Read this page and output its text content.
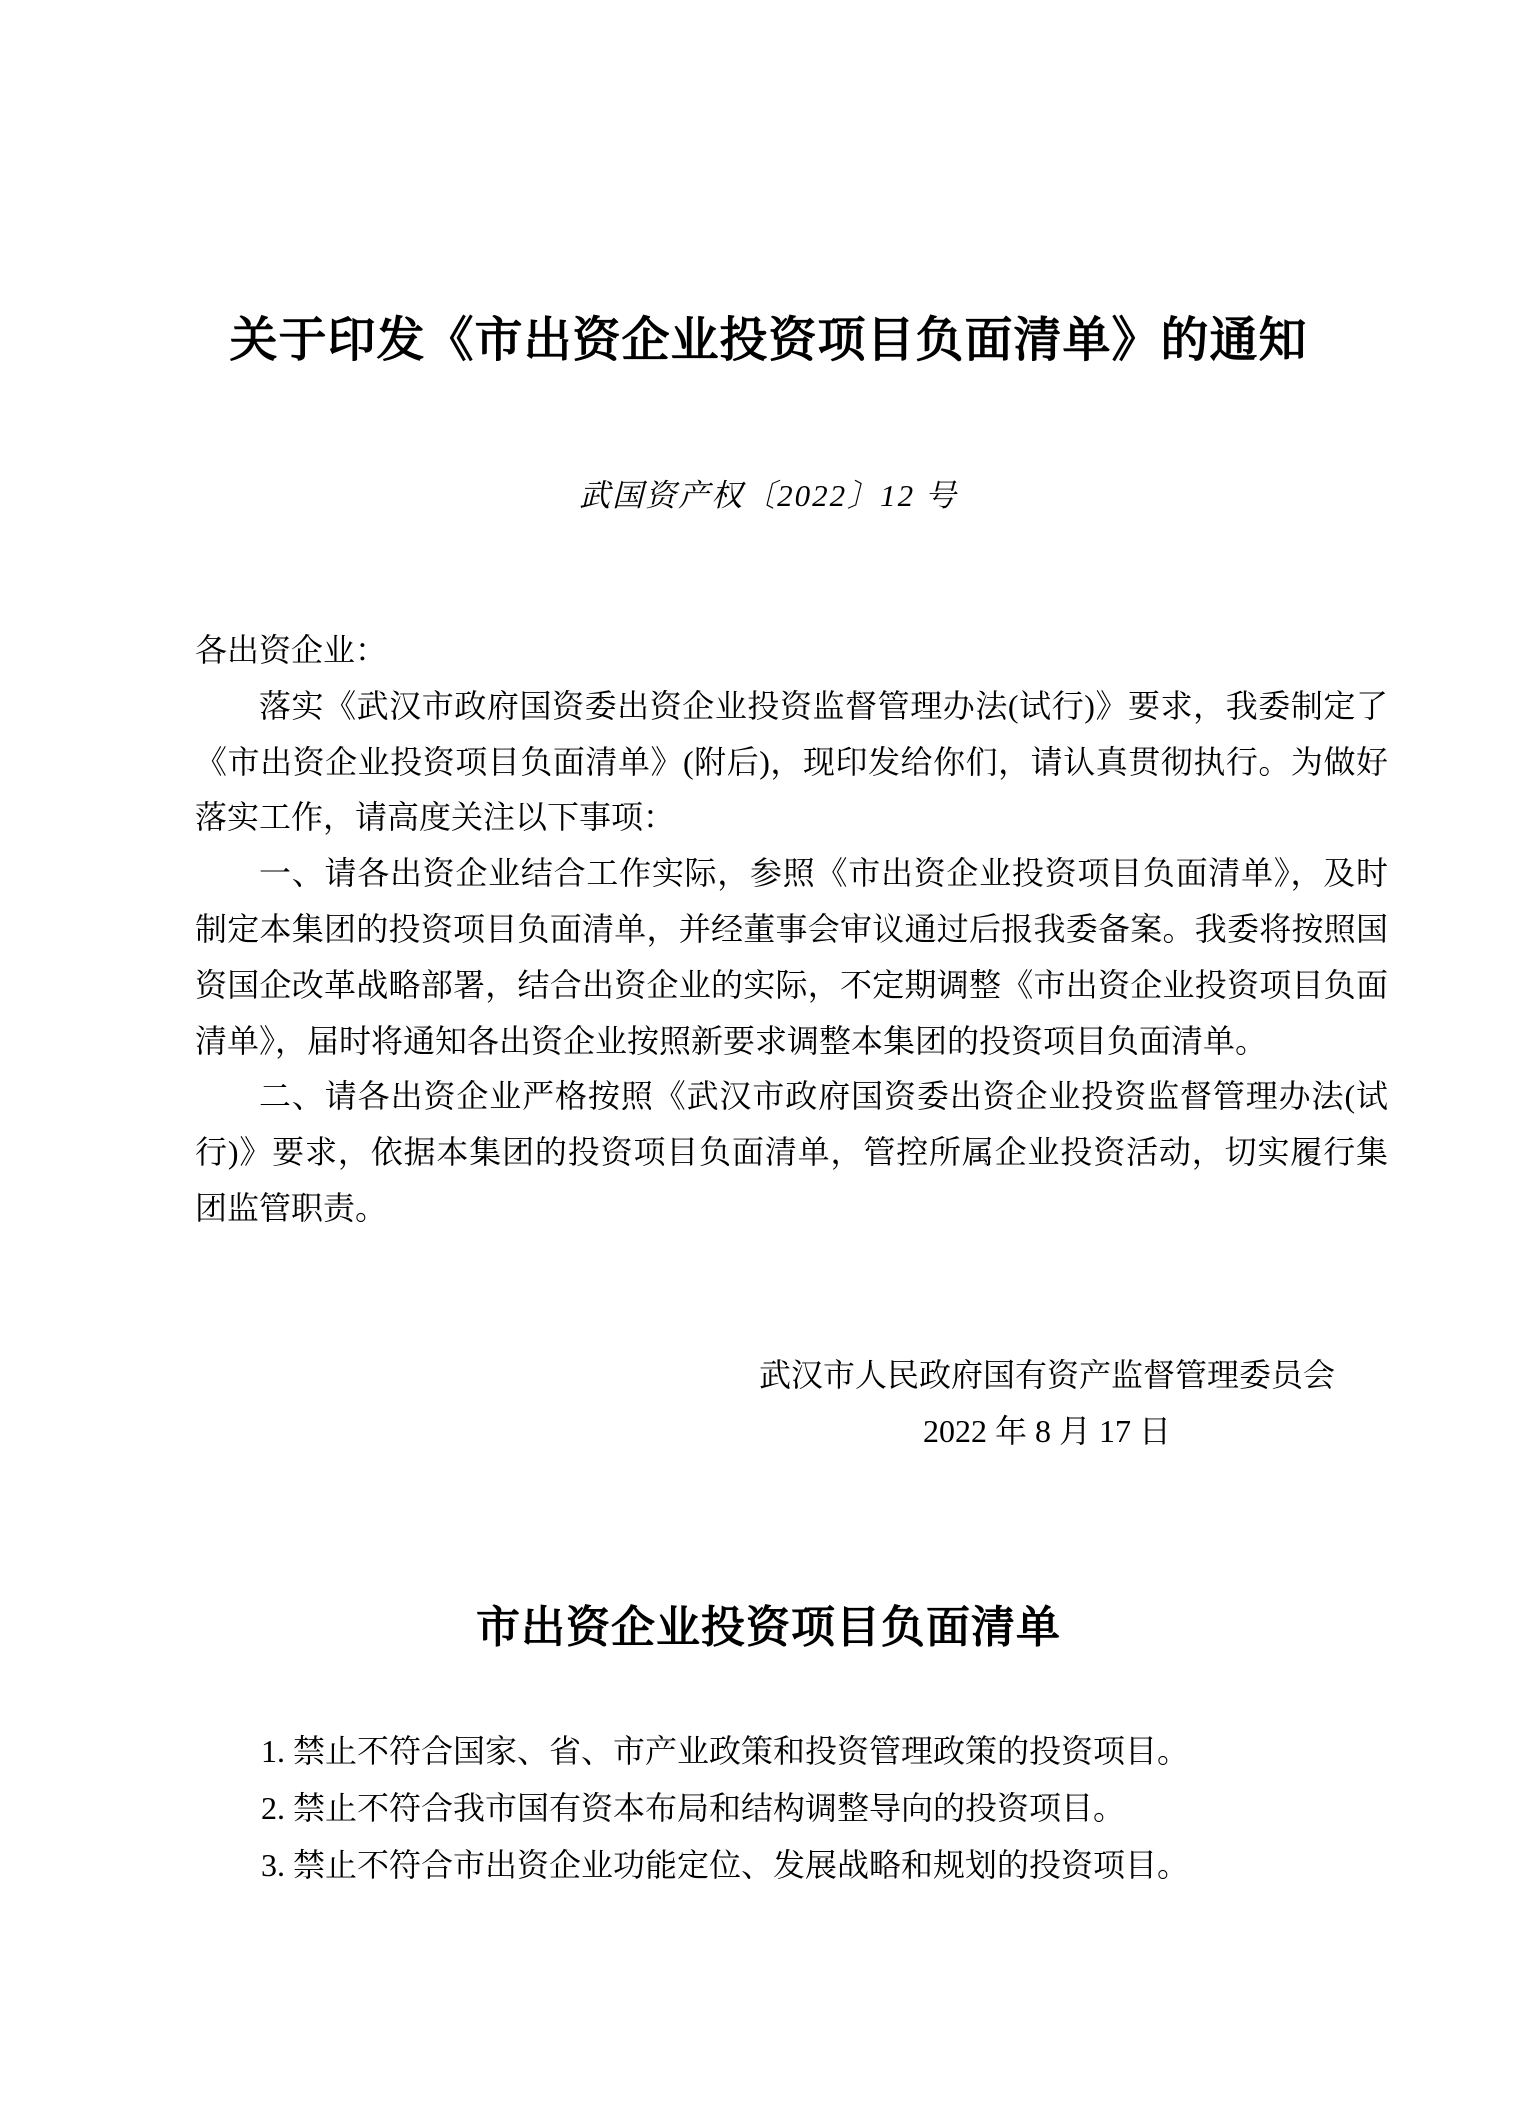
关于印发《市出资企业投资项目负面清单》的通知
武国资产权〔2022〕12 号

各出资企业：

落实《武汉市政府国资委出资企业投资监督管理办法(试行)》要求，我委制定了《市出资企业投资项目负面清单》(附后)，现印发给你们，请认真贯彻执行。为做好落实工作，请高度关注以下事项：

一、请各出资企业结合工作实际，参照《市出资企业投资项目负面清单》，及时制定本集团的投资项目负面清单，并经董事会审议通过后报我委备案。我委将按照国资国企改革战略部署，结合出资企业的实际，不定期调整《市出资企业投资项目负面清单》，届时将通知各出资企业按照新要求调整本集团的投资项目负面清单。

二、请各出资企业严格按照《武汉市政府国资委出资企业投资监督管理办法(试行)》要求，依据本集团的投资项目负面清单，管控所属企业投资活动，切实履行集团监管职责。

武汉市人民政府国有资产监督管理委员会
2022 年 8 月 17 日
市出资企业投资项目负面清单

1. 禁止不符合国家、省、市产业政策和投资管理政策的投资项目。

2. 禁止不符合我市国有资本布局和结构调整导向的投资项目。

3. 禁止不符合市出资企业功能定位、发展战略和规划的投资项目。
